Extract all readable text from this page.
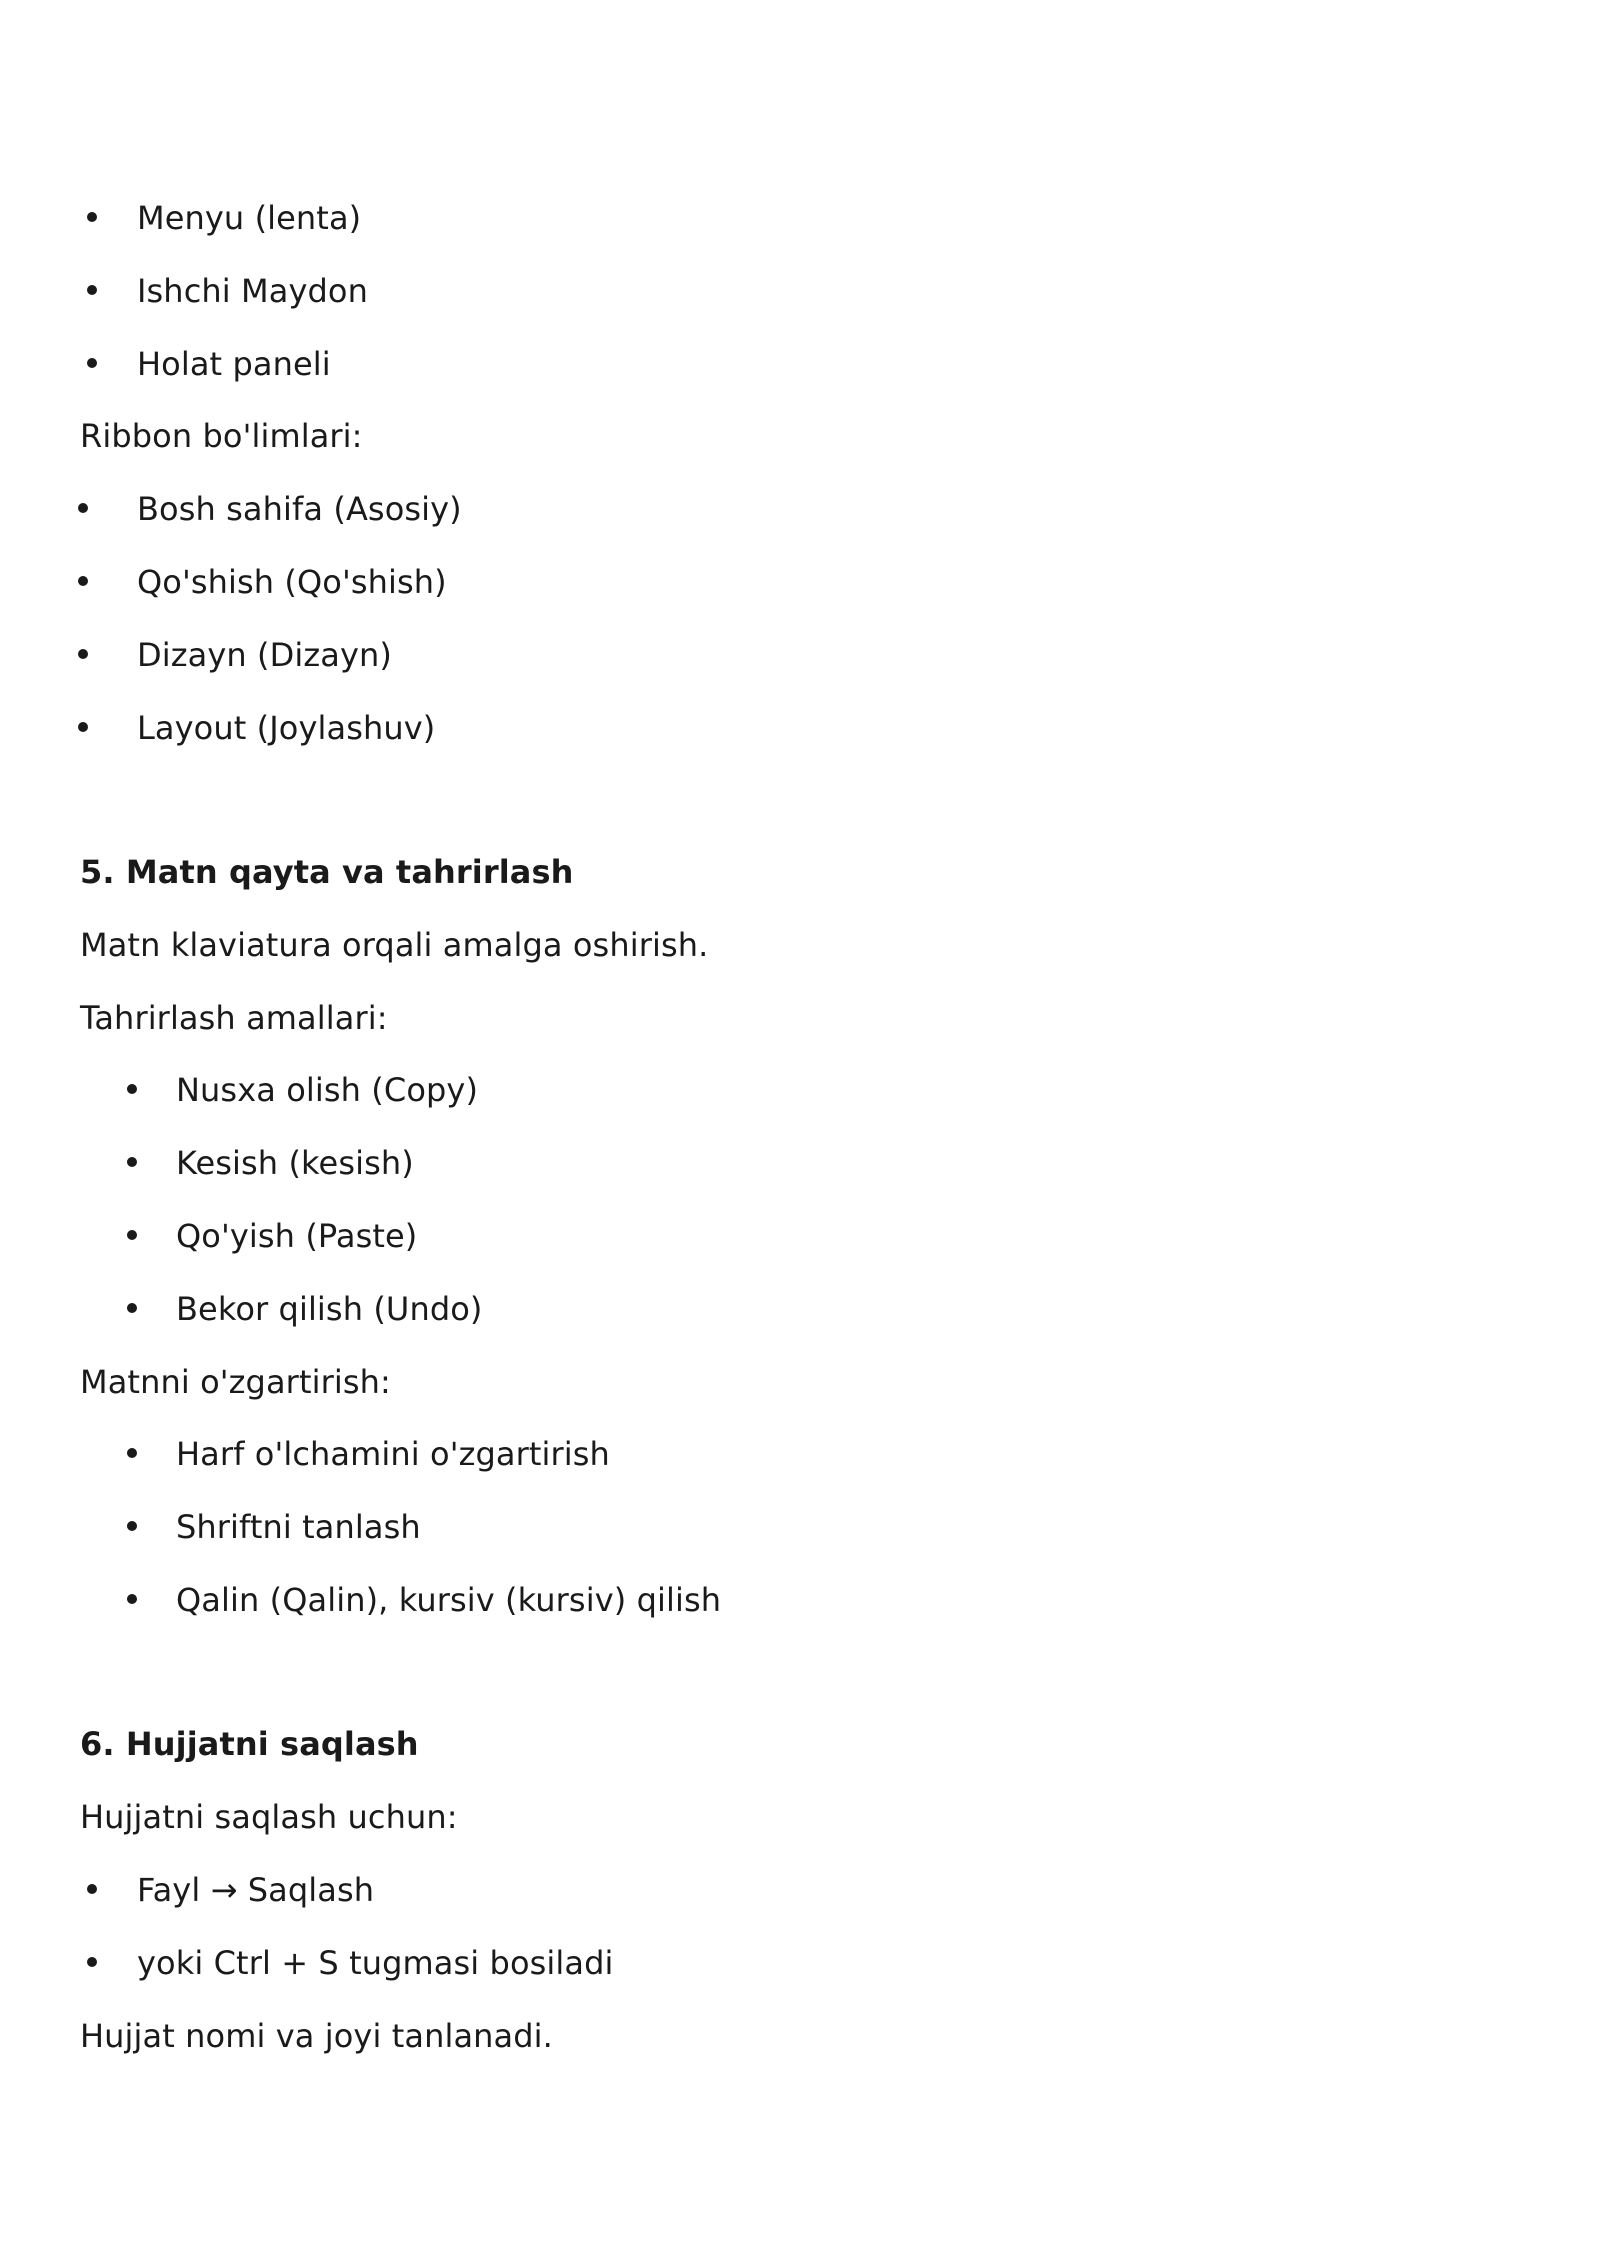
Menyu (lenta)
Ishchi Maydon
Holat paneli
Ribbon bo'limlari:
Bosh sahifa (Asosiy)
Qo'shish (Qo'shish)
Dizayn (Dizayn)
Layout (Joylashuv)
5. Matn qayta va tahrirlash
Matn klaviatura orqali amalga oshirish.
Tahrirlash amallari:
Nusxa olish (Copy)
Kesish (kesish)
Qo'yish (Paste)
Bekor qilish (Undo)
Matnni o'zgartirish:
Harf o'lchamini o'zgartirish
Shriftni tanlash
Qalin (Qalin), kursiv (kursiv) qilish
6. Hujjatni saqlash
Hujjatni saqlash uchun:
Fayl → Saqlash
yoki Ctrl + S tugmasi bosiladi
Hujjat nomi va joyi tanlanadi.
